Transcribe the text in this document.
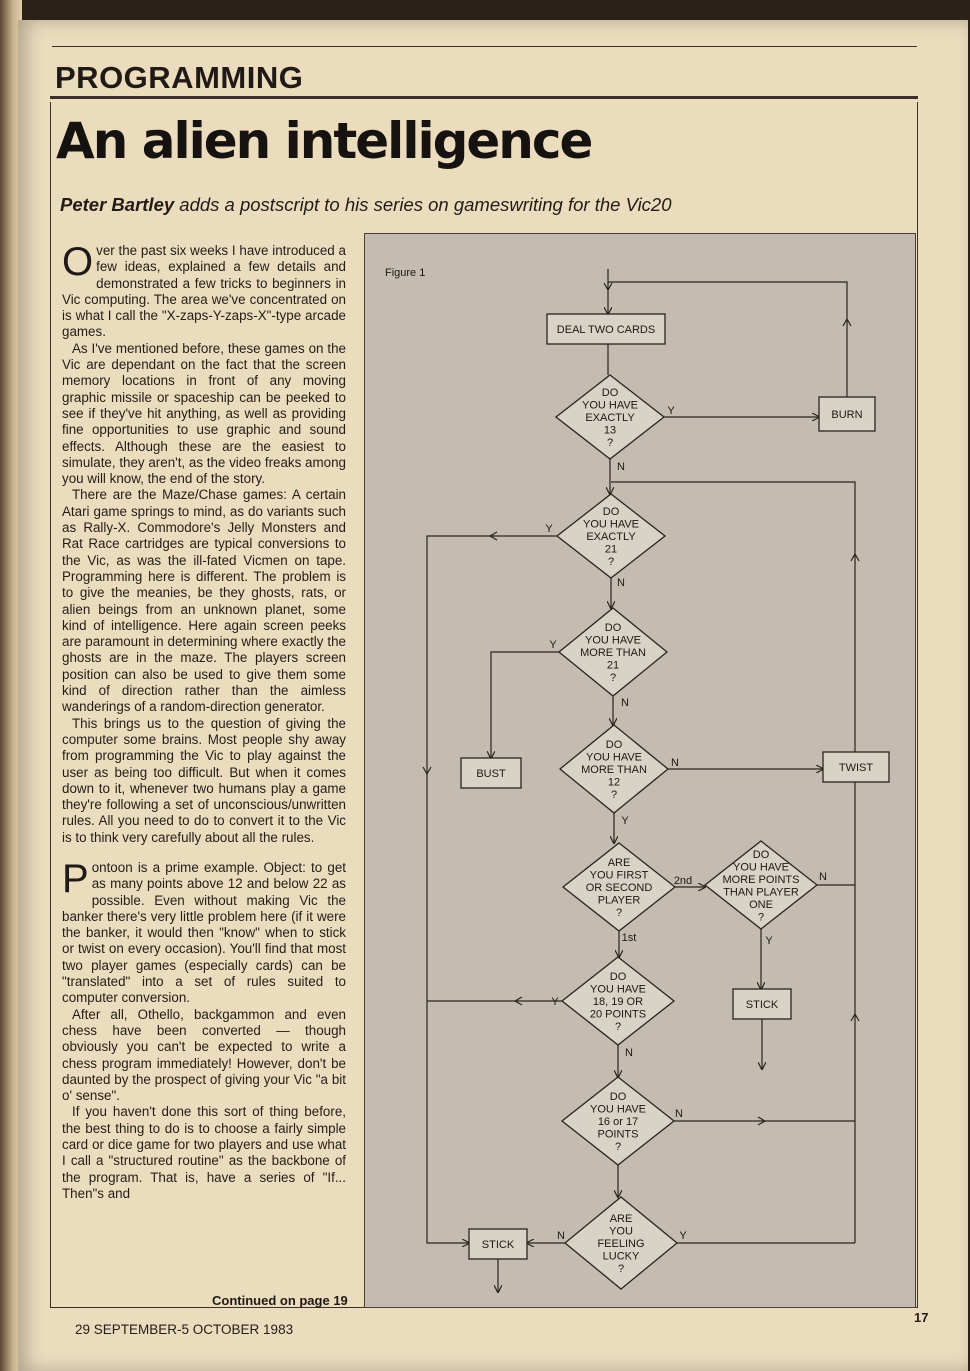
PROGRAMMING
An alien intelligence
Peter Bartley adds a postscript to his series on gameswriting for the Vic20

Over the past six weeks I have introduced a few ideas, explained a few details and demonstrated a few tricks to beginners in Vic computing. The area we've concentrated on is what I call the "X-zaps-Y-zaps-X"-type arcade games.

As I've mentioned before, these games on the Vic are dependant on the fact that the screen memory locations in front of any moving graphic missile or spaceship can be peeked to see if they've hit anything, as well as providing fine opportunities to use graphic and sound effects. Although these are the easiest to simulate, they aren't, as the video freaks among you will know, the end of the story.

There are the Maze/Chase games: A certain Atari game springs to mind, as do variants such as Rally-X. Commodore's Jelly Monsters and Rat Race cartridges are typical conversions to the Vic, as was the ill-fated Vicmen on tape. Programming here is different. The problem is to give the meanies, be they ghosts, rats, or alien beings from an unknown planet, some kind of intelligence. Here again screen peeks are paramount in determining where exactly the ghosts are in the maze. The players screen position can also be used to give them some kind of direction rather than the aimless wanderings of a random-direction generator.

This brings us to the question of giving the computer some brains. Most people shy away from programming the Vic to play against the user as being too difficult. But when it comes down to it, whenever two humans play a game they're following a set of unconscious/unwritten rules. All you need to do to convert it to the Vic is to think very carefully about all the rules.

Pontoon is a prime example. Object: to get as many points above 12 and below 22 as possible. Even without making Vic the banker there's very little problem here (if it were the banker, it would then "know" when to stick or twist on every occasion). You'll find that most two player games (especially cards) can be "translated" into a set of rules suited to computer conversion.

After all, Othello, backgammon and even chess have been converted — though obviously you can't be expected to write a chess program immediately! However, don't be daunted by the prospect of giving your Vic "a bit o' sense".

If you haven't done this sort of thing before, the best thing to do is to choose a fairly simple card or dice game for two players and use what I call a "structured routine" as the backbone of the program. That is, have a series of "If... Then"s and

Continued on page 19
Figure 1
DEAL TWO CARDS
BURN
BUST	TWIST
STICK
STICK
DO
YOU HAVE
EXACTLY
13
?
DO
YOU HAVE
EXACTLY
21
?
DO
YOU HAVE
MORE THAN
21
?
DO
YOU HAVE
MORE THAN
12
?
ARE
YOU FIRST
OR SECOND
PLAYER
?
DO
YOU HAVE
MORE POINTS
THAN PLAYER
ONE
?
DO
YOU HAVE
18, 19 OR
20 POINTS
?
DO
YOU HAVE
16 or 17
POINTS
?
ARE
YOU
FEELING
LUCKY
?
Y
N
Y
N
Y
N
N
Y
2nd	N
Y
1st
Y
N
N
N	Y
29 SEPTEMBER-5 OCTOBER 1983
17
